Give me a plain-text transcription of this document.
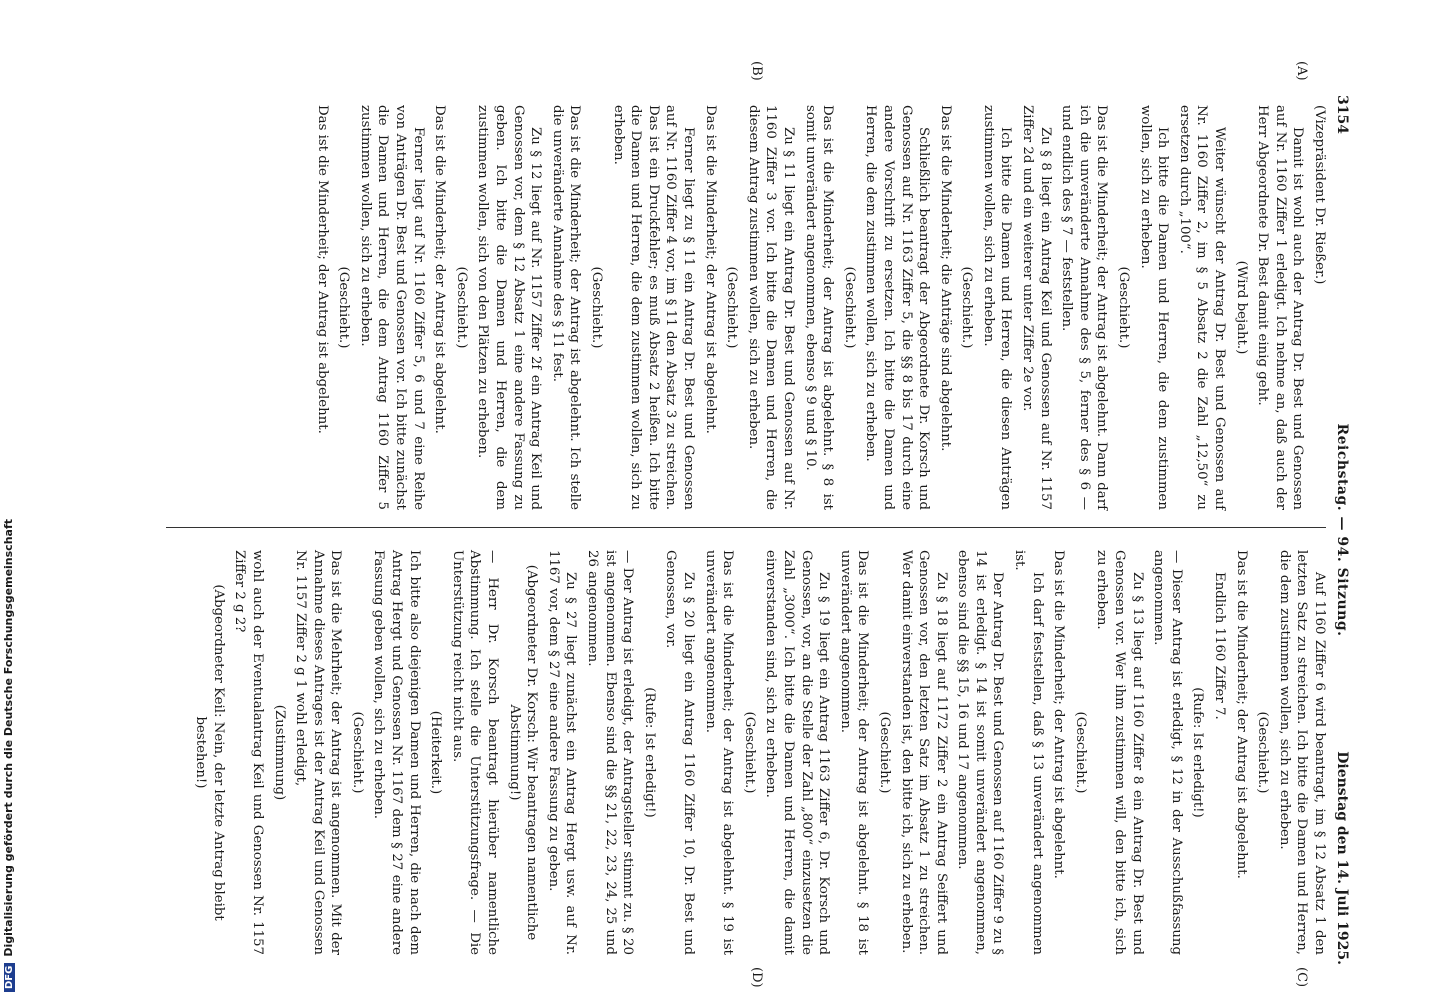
3154
Reichstag. — 94. Sitzung.
Dienstag den 14. Juli 1925.
(A)
(B)
(C)
(D)

(Vizepräsident Dr. Rießer.)

Damit ist wohl auch der Antrag Dr. Best und Genossen auf Nr. 1160 Ziffer 1 erledigt. Ich nehme an, daß auch der Herr Abgeordnete Dr. Best damit einig geht.

(Wird bejaht.)

Weiter wünscht der Antrag Dr. Best und Genossen auf Nr. 1160 Ziffer 2, im § 5 Absatz 2 die Zahl „12,50“ zu ersetzen durch „100“.

Ich bitte die Damen und Herren, die dem zustimmen wollen, sich zu erheben.

(Geschieht.)

Das ist die Minderheit; der Antrag ist abgelehnt. Dann darf ich die unveränderte Annahme des § 5, ferner des § 6 — und endlich des § 7 — feststellen.

Zu § 8 liegt ein Antrag Keil und Genossen auf Nr. 1157 Ziffer 2d und ein weiterer unter Ziffer 2e vor.

Ich bitte die Damen und Herren, die diesen Anträgen zustimmen wollen, sich zu erheben.

(Geschieht.)

Das ist die Minderheit; die Anträge sind abgelehnt.

Schließlich beantragt der Abgeordnete Dr. Korsch und Genossen auf Nr. 1163 Ziffer 5, die §§ 8 bis 17 durch eine andere Vorschrift zu ersetzen. Ich bitte die Damen und Herren, die dem zustimmen wollen, sich zu erheben.

(Geschieht.)

Das ist die Minderheit; der Antrag ist abgelehnt. § 8 ist somit unverändert angenommen, ebenso § 9 und § 10.

Zu § 11 liegt ein Antrag Dr. Best und Genossen auf Nr. 1160 Ziffer 3 vor. Ich bitte die Damen und Herren, die diesem Antrag zustimmen wollen, sich zu erheben.

(Geschieht.)

Das ist die Minderheit; der Antrag ist abgelehnt.

Ferner liegt zu § 11 ein Antrag Dr. Best und Genossen auf Nr. 1160 Ziffer 4 vor, im § 11 den Absatz 3 zu streichen. Das ist ein Druckfehler; es muß Absatz 2 heißen. Ich bitte die Damen und Herren, die dem zustimmen wollen, sich zu erheben.

(Geschieht.)

Das ist die Minderheit; der Antrag ist abgelehnt. Ich stelle die unveränderte Annahme des § 11 fest.

Zu § 12 liegt auf Nr. 1157 Ziffer 2f ein Antrag Keil und Genossen vor, dem § 12 Absatz 1 eine andere Fassung zu geben. Ich bitte die Damen und Herren, die dem zustimmen wollen, sich von den Plätzen zu erheben.

(Geschieht.)

Das ist die Minderheit; der Antrag ist abgelehnt.

Ferner liegt auf Nr. 1160 Ziffer 5, 6 und 7 eine Reihe von Anträgen Dr. Best und Genossen vor. Ich bitte zunächst die Damen und Herren, die dem Antrag 1160 Ziffer 5 zustimmen wollen, sich zu erheben.

(Geschieht.)

Das ist die Minderheit; der Antrag ist abgelehnt.

Auf 1160 Ziffer 6 wird beantragt, im § 12 Absatz 1 den letzten Satz zu streichen. Ich bitte die Damen und Herren, die dem zustimmen wollen, sich zu erheben.

(Geschieht.)

Das ist die Minderheit; der Antrag ist abgelehnt.

Endlich 1160 Ziffer 7.

(Rufe: Ist erledigt!)

— Dieser Antrag ist erledigt, § 12 in der Ausschußfassung angenommen.

Zu § 13 liegt auf 1160 Ziffer 8 ein Antrag Dr. Best und Genossen vor. Wer ihm zustimmen will, den bitte ich, sich zu erheben.

(Geschieht.)

Das ist die Minderheit; der Antrag ist abgelehnt.

Ich darf feststellen, daß § 13 unverändert angenommen ist.

Der Antrag Dr. Best und Genossen auf 1160 Ziffer 9 zu § 14 ist erledigt. § 14 ist somit unverändert angenommen, ebenso sind die §§ 15, 16 und 17 angenommen.

Zu § 18 liegt auf 1172 Ziffer 2 ein Antrag Seiffert und Genossen vor, den letzten Satz im Absatz 1 zu streichen. Wer damit einverstanden ist, den bitte ich, sich zu erheben.

(Geschieht.)

Das ist die Minderheit; der Antrag ist abgelehnt. § 18 ist unverändert angenommen.

Zu § 19 liegt ein Antrag 1163 Ziffer 6, Dr. Korsch und Genossen, vor, an die Stelle der Zahl „800“ einzusetzen die Zahl „3000“. Ich bitte die Damen und Herren, die damit einverstanden sind, sich zu erheben.

(Geschieht.)

Das ist die Minderheit; der Antrag ist abgelehnt. § 19 ist unverändert angenommen.

Zu § 20 liegt ein Antrag 1160 Ziffer 10, Dr. Best und Genossen, vor.

(Rufe: Ist erledigt!)

— Der Antrag ist erledigt, der Antragsteller stimmt zu. § 20 ist angenommen. Ebenso sind die §§ 21, 22, 23, 24, 25 und 26 angenommen.

Zu § 27 liegt zunächst ein Antrag Hergt usw. auf Nr. 1167 vor, dem § 27 eine andere Fassung zu geben.

(Abgeordneter Dr. Korsch: Wir beantragen namentliche Abstimmung!)

— Herr Dr. Korsch beantragt hierüber namentliche Abstimmung. Ich stelle die Unterstützungsfrage. — Die Unterstützung reicht nicht aus.

(Heiterkeit.)

Ich bitte also diejenigen Damen und Herren, die nach dem Antrag Hergt und Genossen Nr. 1167 dem § 27 eine andere Fassung geben wollen, sich zu erheben.

(Geschieht.)

Das ist die Mehrheit; der Antrag ist angenommen. Mit der Annahme dieses Antrages ist der Antrag Keil und Genossen Nr. 1157 Ziffer 2 g 1 wohl erledigt,

(Zustimmung)

wohl auch der Eventualantrag Keil und Genossen Nr. 1157 Ziffer 2 g 2?

(Abgeordneter Keil: Nein, der letzte Antrag bleibt bestehen!)

DFGDigitalisierung gefördert durch die Deutsche Forschungsgemeinschaft
